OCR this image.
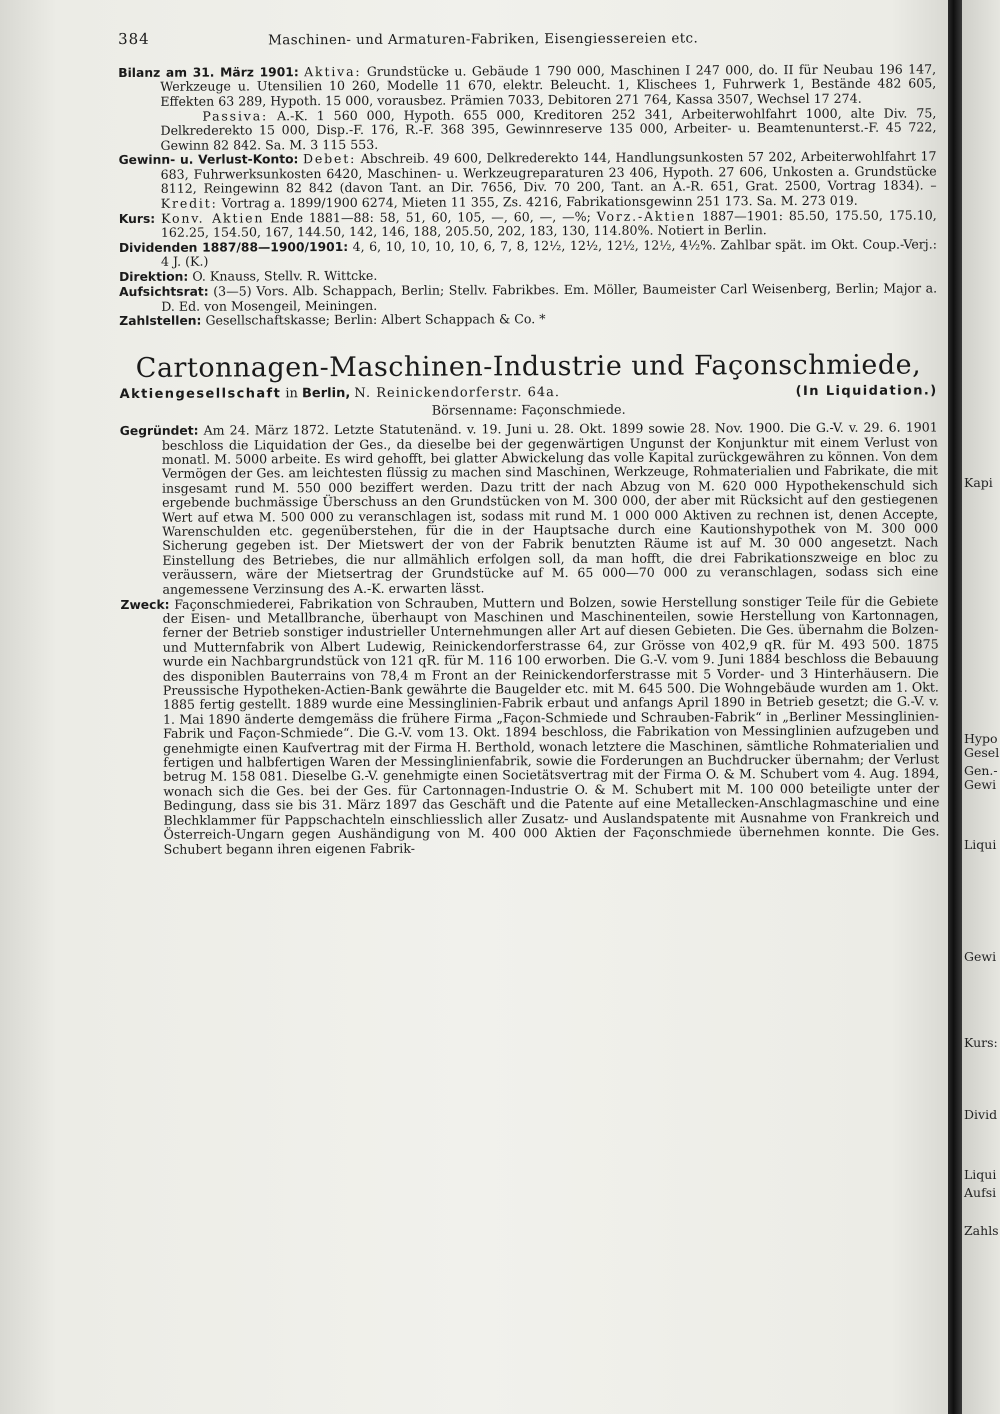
Kapi
Hypo
Gesel
Gen.-
Gewi
Liqui
Gewi
Kurs:
Divid
Liqui
Aufsi
Zahls
384	Maschinen- und Armaturen-Fabriken, Eisengiessereien etc.

Bilanz am 31. März 1901: Aktiva: Grundstücke u. Gebäude 1 790 000, Maschinen I 247 000, do. II für Neubau 196 147, Werkzeuge u. Utensilien 10 260, Modelle 11 670, elektr. Beleucht. 1, Klischees 1, Fuhrwerk 1, Bestände 482 605, Effekten 63 289, Hypoth. 15 000, vorausbez. Prämien 7033, Debitoren 271 764, Kassa 3507, Wechsel 17 274.

Passiva: A.-K. 1 560 000, Hypoth. 655 000, Kreditoren 252 341, Arbeiterwohlfahrt 1000, alte Div. 75, Delkrederekto 15 000, Disp.-F. 176, R.-F. 368 395, Gewinnreserve 135 000, Arbeiter- u. Beamtenunterst.-F. 45 722, Gewinn 82 842. Sa. M. 3 115 553.

Gewinn- u. Verlust-Konto: Debet: Abschreib. 49 600, Delkrederekto 144, Handlungsunkosten 57 202, Arbeiterwohlfahrt 17 683, Fuhrwerksunkosten 6420, Maschinen- u. Werkzeugreparaturen 23 406, Hypoth. 27 606, Unkosten a. Grundstücke 8112, Reingewinn 82 842 (davon Tant. an Dir. 7656, Div. 70 200, Tant. an A.-R. 651, Grat. 2500, Vortrag 1834). – Kredit: Vortrag a. 1899/1900 6274, Mieten 11 355, Zs. 4216, Fabrikationsgewinn 251 173. Sa. M. 273 019.

Kurs: Konv. Aktien Ende 1881—88: 58, 51, 60, 105, —, 60, —, —%; Vorz.-Aktien 1887—1901: 85.50, 175.50, 175.10, 162.25, 154.50, 167, 144.50, 142, 146, 188, 205.50, 202, 183, 130, 114.80%. Notiert in Berlin.

Dividenden 1887/88—1900/1901: 4, 6, 10, 10, 10, 10, 6, 7, 8, 12½, 12½, 12½, 12½, 4½%. Zahlbar spät. im Okt. Coup.-Verj.: 4 J. (K.)

Direktion: O. Knauss, Stellv. R. Wittcke.

Aufsichtsrat: (3—5) Vors. Alb. Schappach, Berlin; Stellv. Fabrikbes. Em. Möller, Baumeister Carl Weisenberg, Berlin; Major a. D. Ed. von Mosengeil, Meiningen.

Zahlstellen: Gesellschaftskasse; Berlin: Albert Schappach & Co. *

Cartonnagen-Maschinen-Industrie und Façonschmiede,
Aktiengesellschaft in Berlin, N. Reinickendorferstr. 64a.	(In Liquidation.)
Börsenname: Façonschmiede.

Gegründet: Am 24. März 1872. Letzte Statutenänd. v. 19. Juni u. 28. Okt. 1899 sowie 28. Nov. 1900. Die G.-V. v. 29. 6. 1901 beschloss die Liquidation der Ges., da dieselbe bei der gegenwärtigen Ungunst der Konjunktur mit einem Verlust von monatl. M. 5000 arbeite. Es wird gehofft, bei glatter Abwickelung das volle Kapital zurückgewähren zu können. Von dem Vermögen der Ges. am leichtesten flüssig zu machen sind Maschinen, Werkzeuge, Rohmaterialien und Fabrikate, die mit insgesamt rund M. 550 000 beziffert werden. Dazu tritt der nach Abzug von M. 620 000 Hypothekenschuld sich ergebende buchmässige Überschuss an den Grundstücken von M. 300 000, der aber mit Rücksicht auf den gestiegenen Wert auf etwa M. 500 000 zu veranschlagen ist, sodass mit rund M. 1 000 000 Aktiven zu rechnen ist, denen Accepte, Warenschulden etc. gegenüberstehen, für die in der Hauptsache durch eine Kautionshypothek von M. 300 000 Sicherung gegeben ist. Der Mietswert der von der Fabrik benutzten Räume ist auf M. 30 000 angesetzt. Nach Einstellung des Betriebes, die nur allmählich erfolgen soll, da man hofft, die drei Fabrikationszweige en bloc zu veräussern, wäre der Mietsertrag der Grundstücke auf M. 65 000—70 000 zu veranschlagen, sodass sich eine angemessene Verzinsung des A.-K. erwarten lässt.

Zweck: Façonschmiederei, Fabrikation von Schrauben, Muttern und Bolzen, sowie Herstellung sonstiger Teile für die Gebiete der Eisen- und Metallbranche, überhaupt von Maschinen und Maschinenteilen, sowie Herstellung von Kartonnagen, ferner der Betrieb sonstiger industrieller Unternehmungen aller Art auf diesen Gebieten. Die Ges. übernahm die Bolzen- und Mutternfabrik von Albert Ludewig, Reinickendorferstrasse 64, zur Grösse von 402,9 qR. für M. 493 500. 1875 wurde ein Nachbargrundstück von 121 qR. für M. 116 100 erworben. Die G.-V. vom 9. Juni 1884 beschloss die Bebauung des disponiblen Bauterrains von 78,4 m Front an der Reinickendorferstrasse mit 5 Vorder- und 3 Hinterhäusern. Die Preussische Hypotheken-Actien-Bank gewährte die Baugelder etc. mit M. 645 500. Die Wohngebäude wurden am 1. Okt. 1885 fertig gestellt. 1889 wurde eine Messinglinien-Fabrik erbaut und anfangs April 1890 in Betrieb gesetzt; die G.-V. v. 1. Mai 1890 änderte demgemäss die frühere Firma „Façon-Schmiede und Schrauben-Fabrik“ in „Berliner Messinglinien-Fabrik und Façon-Schmiede“. Die G.-V. vom 13. Okt. 1894 beschloss, die Fabrikation von Messinglinien aufzugeben und genehmigte einen Kaufvertrag mit der Firma H. Berthold, wonach letztere die Maschinen, sämtliche Rohmaterialien und fertigen und halbfertigen Waren der Messinglinienfabrik, sowie die Forderungen an Buchdrucker übernahm; der Verlust betrug M. 158 081. Dieselbe G.-V. genehmigte einen Societätsvertrag mit der Firma O. & M. Schubert vom 4. Aug. 1894, wonach sich die Ges. bei der Ges. für Cartonnagen-Industrie O. & M. Schubert mit M. 100 000 beteiligte unter der Bedingung, dass sie bis 31. März 1897 das Geschäft und die Patente auf eine Metallecken-Anschlagmaschine und eine Blechklammer für Pappschachteln einschliesslich aller Zusatz- und Auslandspatente mit Ausnahme von Frankreich und Österreich-Ungarn gegen Aushändigung von M. 400 000 Aktien der Façonschmiede übernehmen konnte. Die Ges. Schubert begann ihren eigenen Fabrik-
